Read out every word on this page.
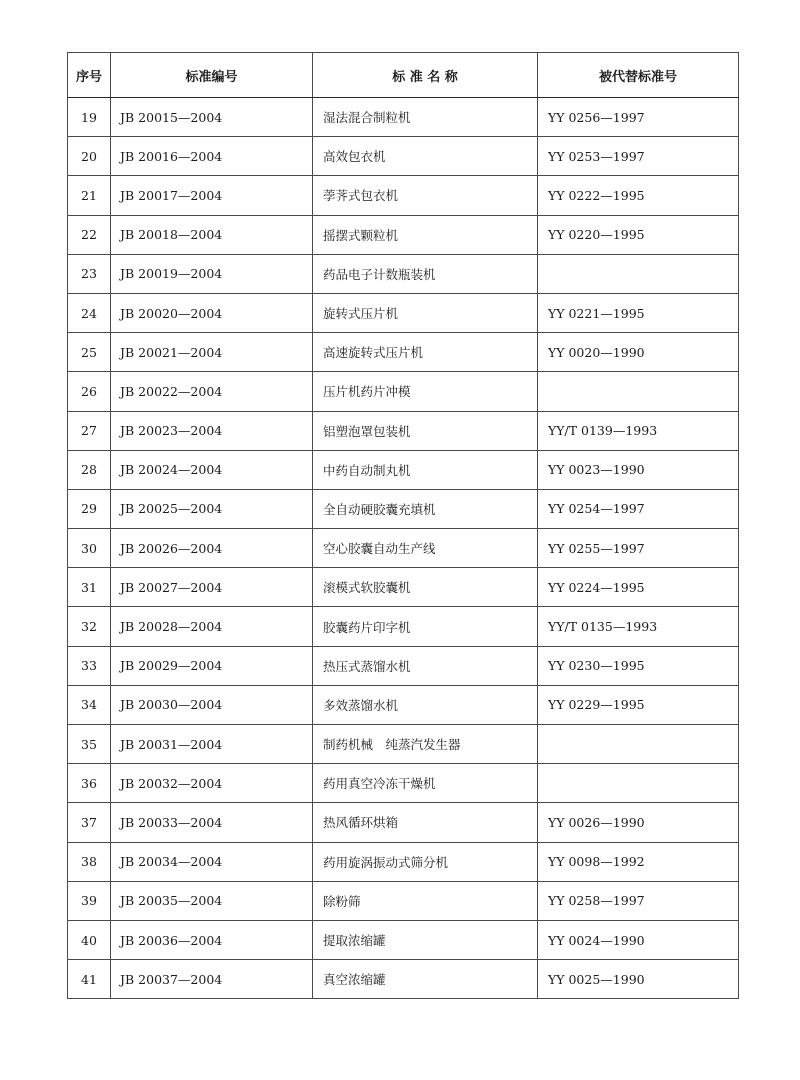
序号	标准编号	标 准 名 称	被代替标准号
19	JB 20015—2004	湿法混合制粒机	YY 0256—1997
20	JB 20016—2004	高效包衣机	YY 0253—1997
21	JB 20017—2004	荸荠式包衣机	YY 0222—1995
22	JB 20018—2004	摇摆式颗粒机	YY 0220—1995
23	JB 20019—2004	药品电子计数瓶装机	
24	JB 20020—2004	旋转式压片机	YY 0221—1995
25	JB 20021—2004	高速旋转式压片机	YY 0020—1990
26	JB 20022—2004	压片机药片冲模	
27	JB 20023—2004	铝塑泡罩包装机	YY/T 0139—1993
28	JB 20024—2004	中药自动制丸机	YY 0023—1990
29	JB 20025—2004	全自动硬胶囊充填机	YY 0254—1997
30	JB 20026—2004	空心胶囊自动生产线	YY 0255—1997
31	JB 20027—2004	滚模式软胶囊机	YY 0224—1995
32	JB 20028—2004	胶囊药片印字机	YY/T 0135—1993
33	JB 20029—2004	热压式蒸馏水机	YY 0230—1995
34	JB 20030—2004	多效蒸馏水机	YY 0229—1995
35	JB 20031—2004	制药机械　纯蒸汽发生器	
36	JB 20032—2004	药用真空冷冻干燥机	
37	JB 20033—2004	热风循环烘箱	YY 0026—1990
38	JB 20034—2004	药用旋涡振动式筛分机	YY 0098—1992
39	JB 20035—2004	除粉筛	YY 0258—1997
40	JB 20036—2004	提取浓缩罐	YY 0024—1990
41	JB 20037—2004	真空浓缩罐	YY 0025—1990
